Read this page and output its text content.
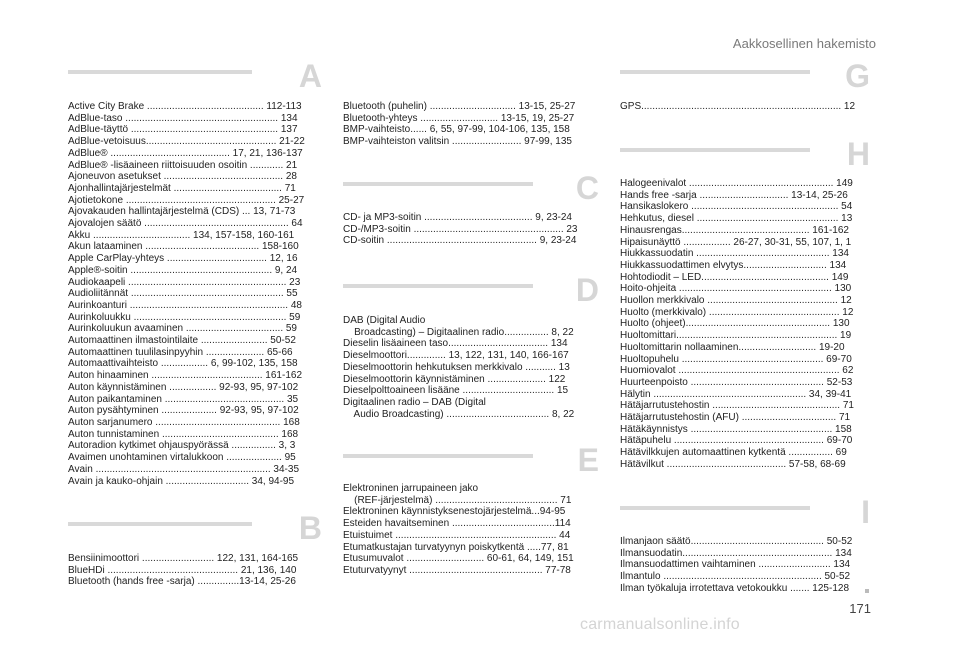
Aakkosellinen hakemisto
A
Active City Brake .......................................... 112-113
AdBlue-taso ....................................................... 134
AdBlue-täyttö ..................................................... 137
AdBlue-vetoisuus............................................... 21-22
AdBlue® ........................................... 17, 21, 136-137
AdBlue® -lisäaineen riittoisuuden osoitin ............ 21
Ajoneuvon asetukset ........................................... 28
Ajonhallintajärjestelmät ....................................... 71
Ajotietokone ...................................................... 25-27
Ajovakauden hallintajärjestelmä (CDS) ... 13, 71-73
Ajovalojen säätö .................................................... 64
Akku ................................... 134, 157-158, 160-161
Akun lataaminen ......................................... 158-160
Apple CarPlay-yhteys .................................... 12, 16
Apple®-soitin ................................................... 9, 24
Audiokaapeli ......................................................... 23
Audioliitännät ....................................................... 55
Aurinkoanturi ......................................................... 48
Aurinkoluukku ....................................................... 59
Aurinkoluukun avaaminen ................................... 59
Automaattinen ilmastointilaite ........................ 50-52
Automaattinen tuulilasinpyyhin ..................... 65-66
Automaattivaihteisto ................. 6, 99-102, 135, 158
Auton hinaaminen ........................................ 161-162
Auton käynnistäminen ................. 92-93, 95, 97-102
Auton paikantaminen ........................................... 35
Auton pysähtyminen .................... 92-93, 95, 97-102
Auton sarjanumero ............................................. 168
Auton tunnistaminen .......................................... 168
Autoradion kytkimet ohjauspyörässä ................ 3, 3
Avaimen unohtaminen virtalukkoon .................... 95
Avain ............................................................... 34-35
Avain ja kauko-ohjain .............................. 34, 94-95
B
Bensiinimoottori .......................... 122, 131, 164-165
BlueHDi ............................................... 21, 136, 140
Bluetooth (hands free -sarja) ...............13-14, 25-26
Bluetooth (puhelin) ............................... 13-15, 25-27
Bluetooth-yhteys ............................ 13-15, 19, 25-27
BMP-vaihteisto...... 6, 55, 97-99, 104-106, 135, 158
BMP-vaihteiston valitsin ......................... 97-99, 135
C
CD- ja MP3-soitin ....................................... 9, 23-24
CD-/MP3-soitin ...................................................... 23
CD-soitin ...................................................... 9, 23-24
D
DAB (Digital Audio
Broadcasting) – Digitaalinen radio................ 8, 22
Dieselin lisäaineen taso.................................... 134
Dieselmoottori.............. 13, 122, 131, 140, 166-167
Dieselmoottorin hehkutuksen merkkivalo ........... 13
Dieselmoottorin käynnistäminen ..................... 122
Dieselpolttoaineen lisääne ................................. 15
Digitaalinen radio – DAB (Digital
Audio Broadcasting) ..................................... 8, 22
E
Elektroninen jarrupaineen jako
(REF-järjestelmä) ............................................ 71
Elektroninen käynnistyksenestojärjestelmä...94-95
Esteiden havaitseminen .....................................114
Etuistuimet .......................................................... 44
Etumatkustajan turvatyynyn poiskytkentä .....77, 81
Etusumuvalot ............................ 60-61, 64, 149, 151
Etuturvatyynyt ................................................ 77-78
G
GPS........................................................................ 12
H
Halogeenivalot .................................................... 149
Hands free -sarja ................................ 13-14, 25-26
Hansikaslokero ..................................................... 54
Hehkutus, diesel ................................................... 13
Hinausrengas.............................................. 161-162
Hipaisunäyttö ................. 26-27, 30-31, 55, 107, 1, 1
Hiukkassuodatin ................................................ 134
Hiukkassuodattimen elvytys.............................. 134
Hohtodiodit – LED.............................................. 149
Hoito-ohjeita ....................................................... 130
Huollon merkkivalo ............................................... 12
Huolto (merkkivalo) ............................................... 12
Huolto (ohjeet).................................................... 130
Huoltomittari.......................................................... 19
Huoltomittarin nollaaminen............................ 19-20
Huoltopuhelu ................................................... 69-70
Huomiovalot .......................................................... 62
Huurteenpoisto ................................................ 52-53
Hälytin ....................................................... 34, 39-41
Hätäjarrutustehostin .............................................. 71
Hätäjarrutustehostin (AFU) .................................. 71
Hätäkäynnistys ................................................... 158
Hätäpuhelu ...................................................... 69-70
Hätävilkkujen automaattinen kytkentä ................ 69
Hätävilkut ........................................... 57-58, 68-69
I
Ilmanjaon säätö................................................ 50-52
Ilmansuodatin...................................................... 134
Ilmansuodattimen vaihtaminen .......................... 134
Ilmantulo ......................................................... 50-52
Ilman työkaluja irrotettava vetokoukku ....... 125-128
171
carmanualsonline.info
